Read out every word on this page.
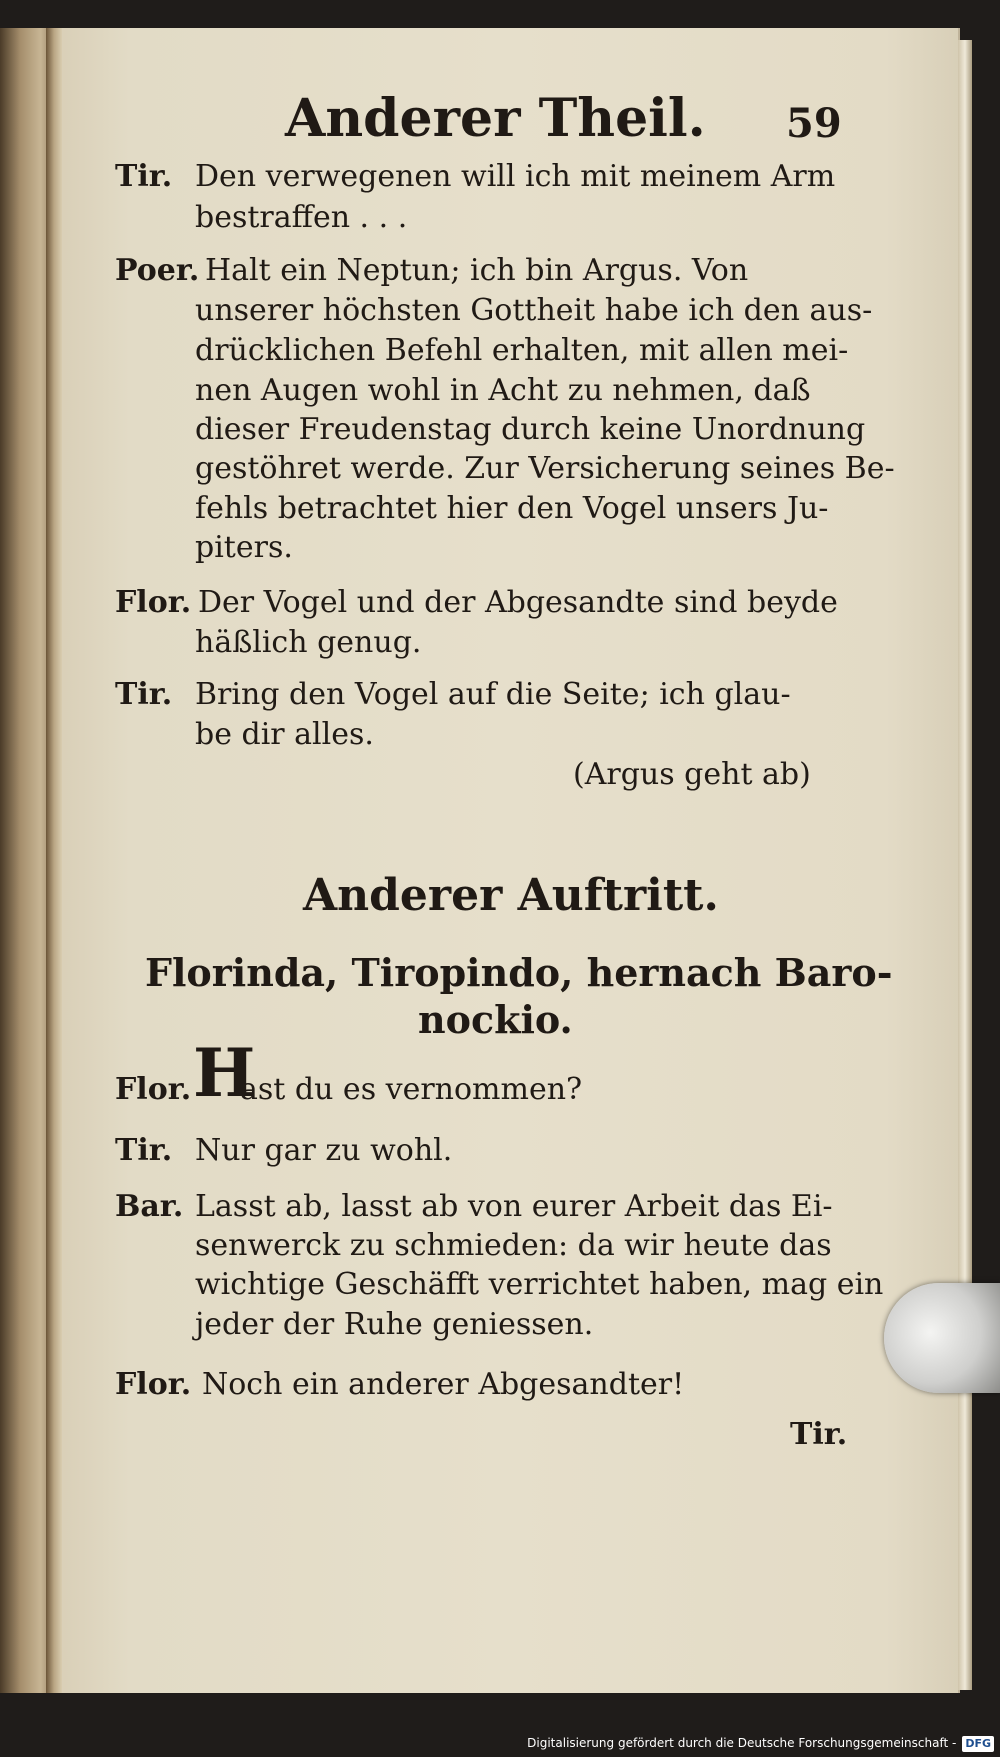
Anderer Theil. 59
Tir. Den verwegenen will ich mit meinem Arm
bestraffen . . .
Poer. Halt ein Neptun; ich bin Argus. Von
unserer höchsten Gottheit habe ich den aus-
drücklichen Befehl erhalten, mit allen mei-
nen Augen wohl in Acht zu nehmen, daß
dieser Freudenstag durch keine Unordnung
gestöhret werde. Zur Versicherung seines Be-
fehls betrachtet hier den Vogel unsers Ju-
piters.
Flor. Der Vogel und der Abgesandte sind beyde
häßlich genug.
Tir. Bring den Vogel auf die Seite; ich glau-
be dir alles.
(Argus geht ab)
Anderer Auftritt.
Florinda, Tiropindo, hernach Baro-
nockio.
Flor. H
ast du es vernommen?
Tir. Nur gar zu wohl.
Bar. Lasst ab, lasst ab von eurer Arbeit das Ei-
senwerck zu schmieden: da wir heute das
wichtige Geschäfft verrichtet haben, mag ein
jeder der Ruhe geniessen.
Flor. Noch ein anderer Abgesandter!
Tir.
Digitalisierung gefördert durch die Deutsche Forschungsgemeinschaft - DFG
